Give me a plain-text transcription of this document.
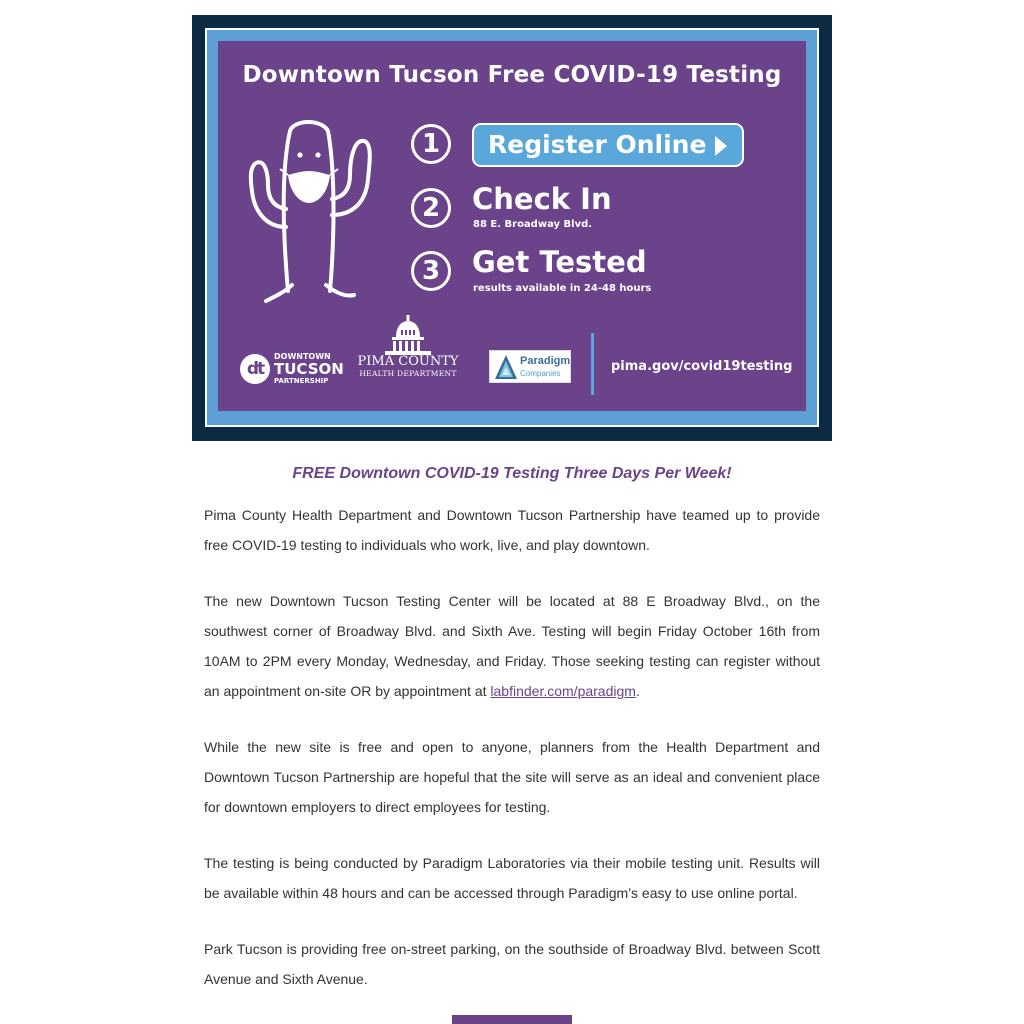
Downtown Tucson Free COVID-19 Testing
1	Register Online
2	Check In
88 E. Broadway Blvd.
3	Get Tested
results available in 24-48 hours
dt
DOWNTOWN
TUCSON
PARTNERSHIP
PIMA COUNTY
HEALTH DEPARTMENT
Paradigm
Companies	pima.gov/covid19testing
FREE Downtown COVID-19 Testing Three Days Per Week!

Pima County Health Department and Downtown Tucson Partnership have teamed up to provide free COVID-19 testing to individuals who work, live, and play downtown.

The new Downtown Tucson Testing Center will be located at 88 E Broadway Blvd., on the southwest corner of Broadway Blvd. and Sixth Ave. Testing will begin Friday October 16th from 10AM to 2PM every Monday, Wednesday, and Friday. Those seeking testing can register without an appointment on-site OR by appointment at labfinder.com/paradigm.

While the new site is free and open to anyone, planners from the Health Department and Downtown Tucson Partnership are hopeful that the site will serve as an ideal and convenient place for downtown employers to direct employees for testing.

The testing is being conducted by Paradigm Laboratories via their mobile testing unit. Results will be available within 48 hours and can be accessed through Paradigm’s easy to use online portal.

Park Tucson is providing free on-street parking, on the southside of Broadway Blvd. between Scott Avenue and Sixth Avenue.
